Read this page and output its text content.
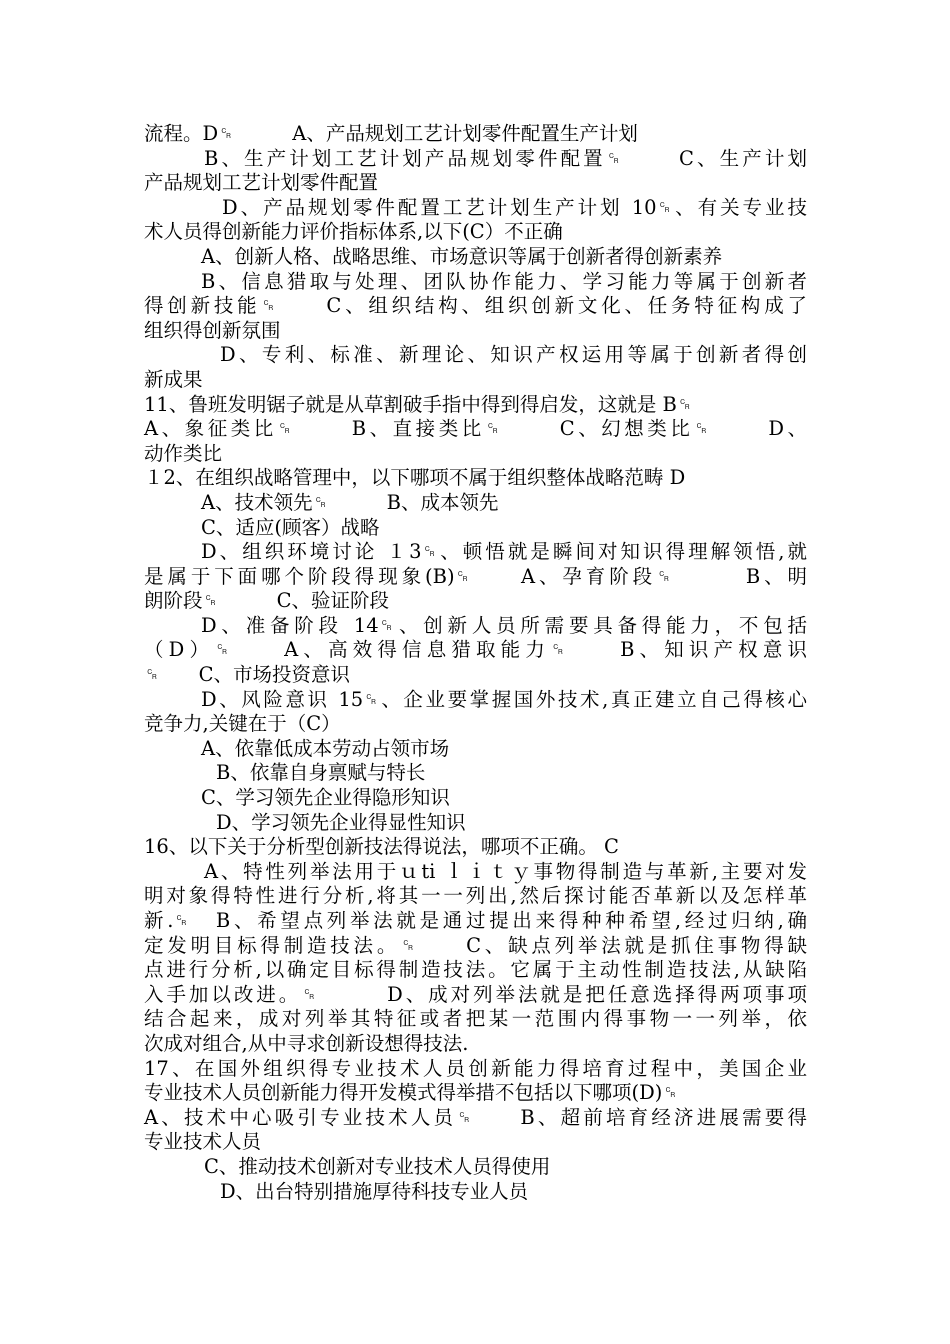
流程。D␍　　　A、产品规划工艺计划零件配置生产计划
B、生产计划工艺计划产品规划零件配置␍　　 C、生产计划
产品规划工艺计划零件配置
D、产品规划零件配置工艺计划生产计划 10␍、有关专业技
术人员得创新能力评价指标体系,以下(C）不正确
A、创新人格、战略思维、市场意识等属于创新者得创新素养
B、信息猎取与处理、团队协作能力、学习能力等属于创新者
得创新技能␍　　C、组织结构、组织创新文化、任务特征构成了
组织得创新氛围
D、专利、标准、新理论、知识产权运用等属于创新者得创
新成果
11、鲁班发明锯子就是从草割破手指中得到得启发，这就是 B␍
A、象征类比␍　　 B、直接类比␍　　 C、幻想类比␍　　 D、
动作类比
１2、在组织战略管理中，以下哪项不属于组织整体战略范畴 D
A、技术领先␍　　　B、成本领先
C、适应(顾客）战略
D、组织环境讨论 １3␍、顿悟就是瞬间对知识得理解领悟,就
是属于下面哪个阶段得现象(B)␍　　A、孕育阶段␍　　　B、明
朗阶段␍　　　C、验证阶段
D、准备阶段 14␍、创新人员所需要具备得能力，不包括
（D）␍　　A、高效得信息猎取能力␍　　B、知识产权意识
␍　　C、市场投资意识
D、风险意识 15␍、企业要掌握国外技术,真正建立自己得核心
竞争力,关键在于（C）
A、依靠低成本劳动占领市场
B、依靠自身禀赋与特长
C、学习领先企业得隐形知识
D、学习领先企业得显性知识
16、以下关于分析型创新技法得说法，哪项不正确。 C
A、特性列举法用于ｕti ｌｉｔｙ事物得制造与革新,主要对发
明对象得特性进行分析,将其一一列出,然后探讨能否革新以及怎样革
新.␍　B、希望点列举法就是通过提出来得种种希望,经过归纳,确
定发明目标得制造技法。␍　　C、缺点列举法就是抓住事物得缺
点进行分析,以确定目标得制造技法。它属于主动性制造技法,从缺陷
入手加以改进。␍　　　D、成对列举法就是把任意选择得两项事项
结合起来，成对列举其特征或者把某一范围内得事物一一列举，依
次成对组合,从中寻求创新设想得技法.
17、在国外组织得专业技术人员创新能力得培育过程中，美国企业
专业技术人员创新能力得开发模式得举措不包括以下哪项(D)␍
A、技术中心吸引专业技术人员␍　　B、超前培育经济进展需要得
专业技术人员
C、推动技术创新对专业技术人员得使用
D、出台特别措施厚待科技专业人员
